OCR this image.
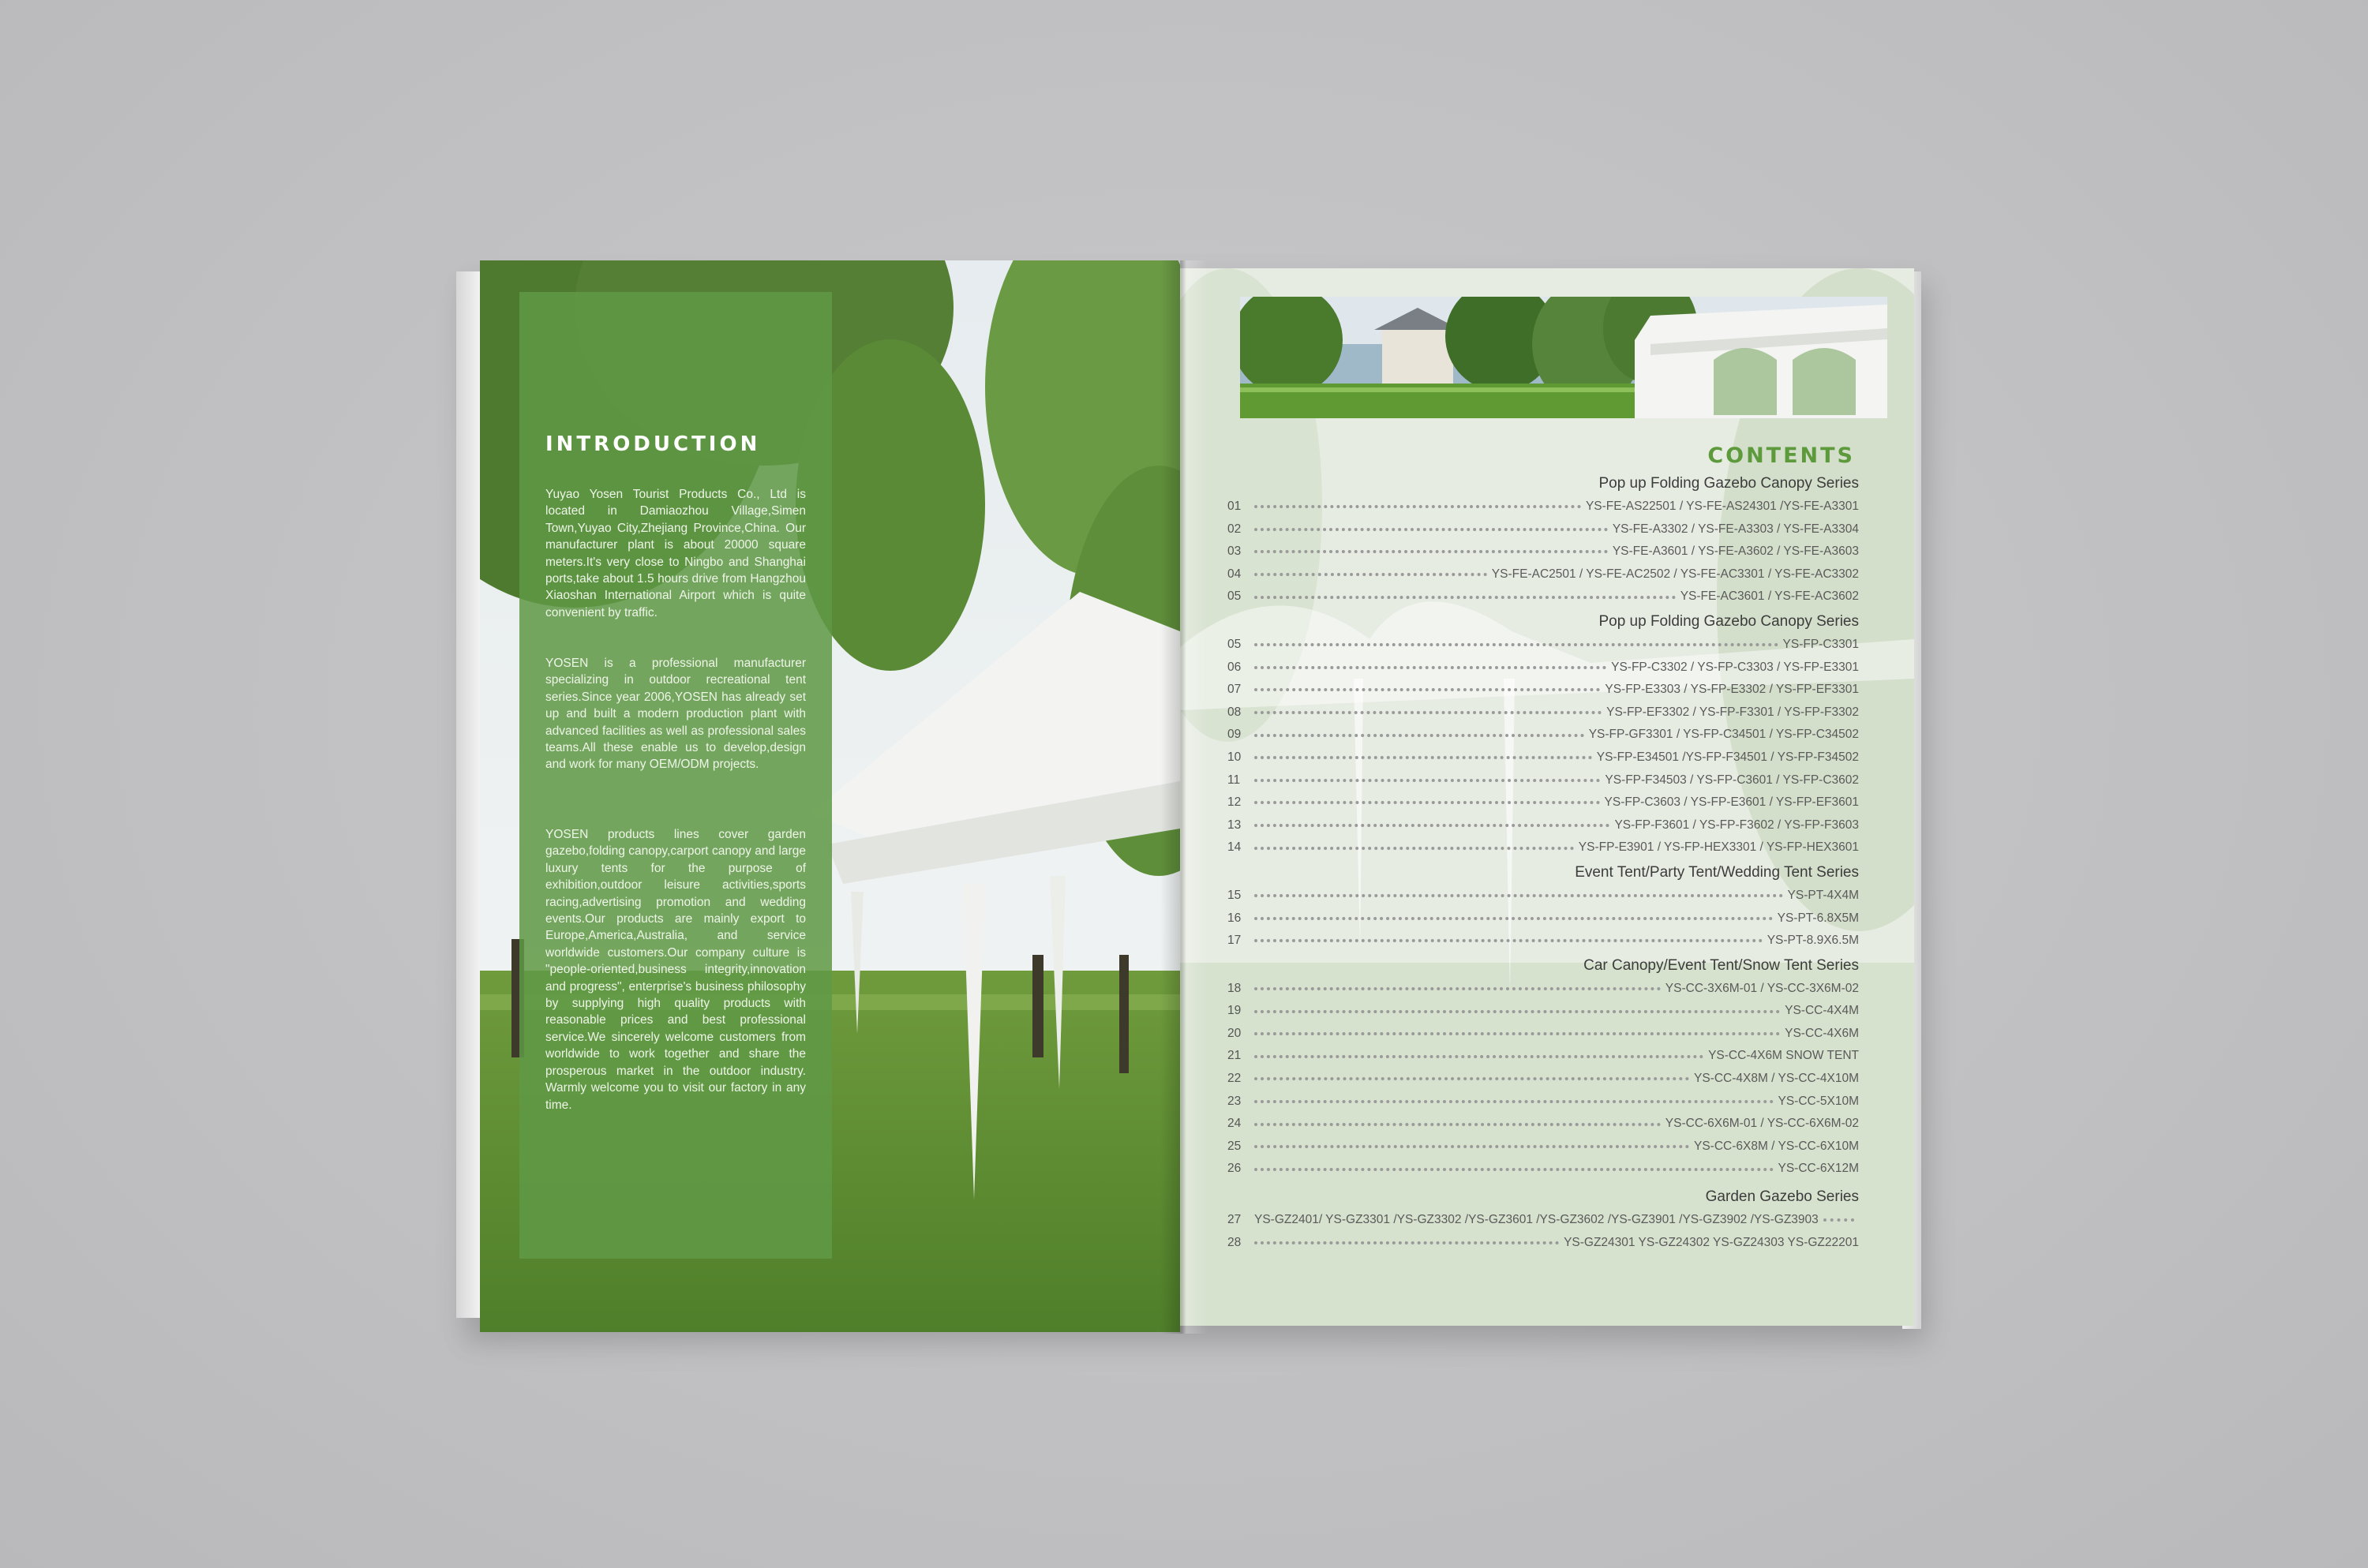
INTRODUCTION
Yuyao Yosen Tourist Products Co., Ltd is located in Damiaozhou Village,Simen Town,Yuyao City,Zhejiang Province,China. Our manufacturer plant is about 20000 square meters.It's very close to Ningbo and Shanghai ports,take about 1.5 hours drive from Hangzhou Xiaoshan International Airport which is quite convenient by traffic.
YOSEN is a professional manufacturer specializing in outdoor recreational tent series.Since year 2006,YOSEN has already set up and built a modern production plant with advanced facilities as well as professional sales teams.All these enable us to develop,design and work for many OEM/ODM projects.
YOSEN products lines cover garden gazebo,folding canopy,carport canopy and large luxury tents for the purpose of exhibition,outdoor leisure activities,sports racing,advertising promotion and wedding events.Our products are mainly export to Europe,America,Australia, and service worldwide customers.Our company culture is "people-oriented,business integrity,innovation and progress", enterprise's business philosophy by supplying high quality products with reasonable prices and best professional service.We sincerely welcome customers from worldwide to work together and share the prosperous market in the outdoor industry. Warmly welcome you to visit our factory in any time.
CONTENTS
Pop up Folding Gazebo Canopy Series
01	YS-FE-AS22501 / YS-FE-AS24301 /YS-FE-A3301
02	YS-FE-A3302 / YS-FE-A3303 / YS-FE-A3304
03	YS-FE-A3601 / YS-FE-A3602 / YS-FE-A3603
04	YS-FE-AC2501 / YS-FE-AC2502 / YS-FE-AC3301 / YS-FE-AC3302
05	YS-FE-AC3601 / YS-FE-AC3602
Pop up Folding Gazebo Canopy Series
05	YS-FP-C3301
06	YS-FP-C3302 / YS-FP-C3303 / YS-FP-E3301
07	YS-FP-E3303 / YS-FP-E3302 / YS-FP-EF3301
08	YS-FP-EF3302 / YS-FP-F3301 / YS-FP-F3302
09	YS-FP-GF3301 / YS-FP-C34501 / YS-FP-C34502
10	YS-FP-E34501 /YS-FP-F34501 / YS-FP-F34502
11	YS-FP-F34503 / YS-FP-C3601 / YS-FP-C3602
12	YS-FP-C3603 / YS-FP-E3601 / YS-FP-EF3601
13	YS-FP-F3601 / YS-FP-F3602 / YS-FP-F3603
14	YS-FP-E3901 / YS-FP-HEX3301 / YS-FP-HEX3601
Event Tent/Party Tent/Wedding Tent Series
15	YS-PT-4X4M
16	YS-PT-6.8X5M
17	YS-PT-8.9X6.5M
Car Canopy/Event Tent/Snow Tent Series
18	YS-CC-3X6M-01 / YS-CC-3X6M-02
19	YS-CC-4X4M
20	YS-CC-4X6M
21	YS-CC-4X6M SNOW TENT
22	YS-CC-4X8M / YS-CC-4X10M
23	YS-CC-5X10M
24	YS-CC-6X6M-01 / YS-CC-6X6M-02
25	YS-CC-6X8M / YS-CC-6X10M
26	YS-CC-6X12M
Garden Gazebo Series
27	YS-GZ2401/ YS-GZ3301 /YS-GZ3302 /YS-GZ3601 /YS-GZ3602 /YS-GZ3901 /YS-GZ3902 /YS-GZ3903
28	YS-GZ24301 YS-GZ24302 YS-GZ24303 YS-GZ22201
